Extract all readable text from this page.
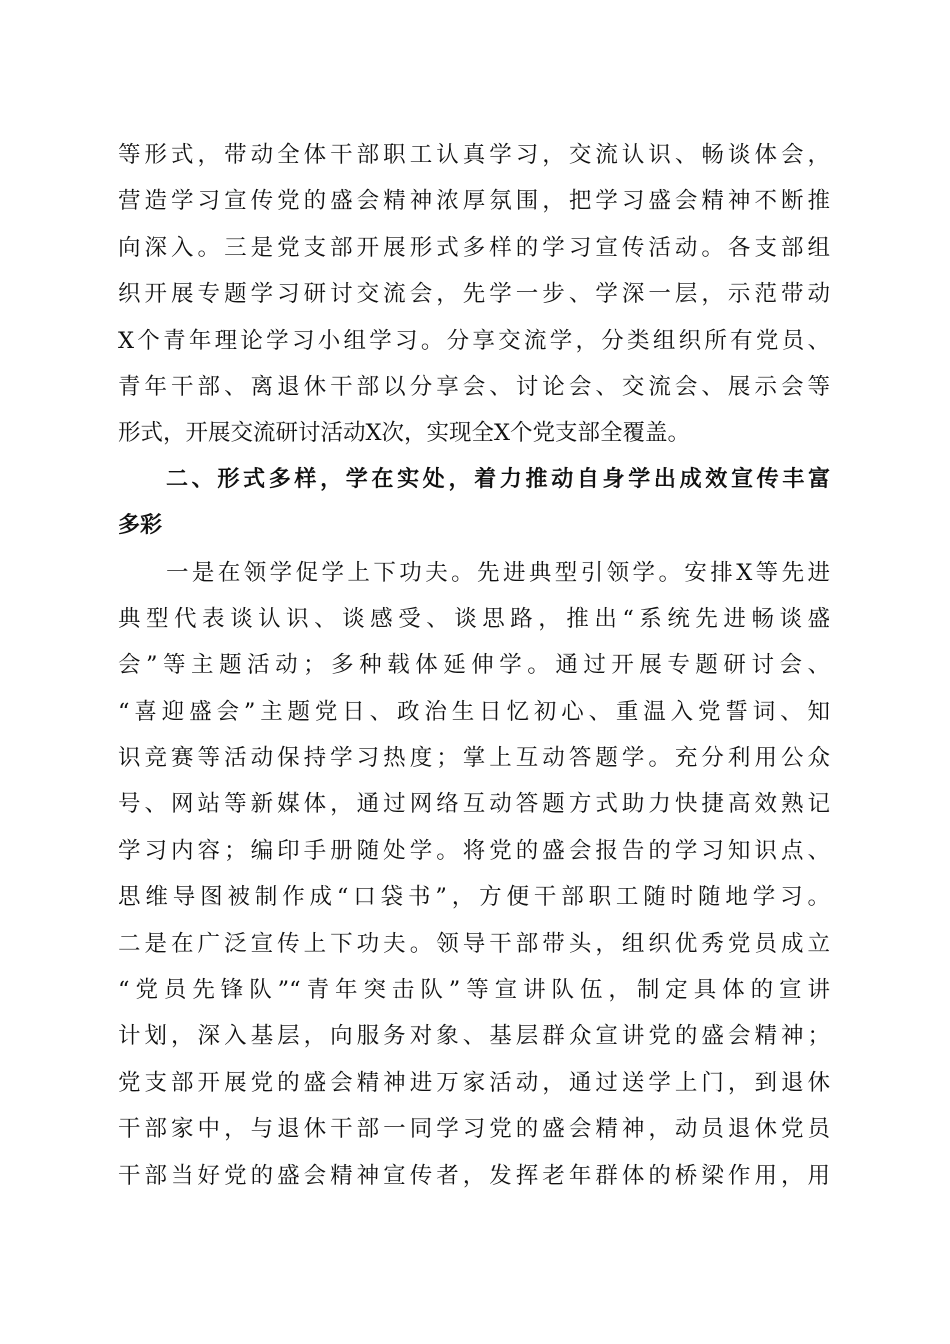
等形式，带动全体干部职工认真学习，交流认识、畅谈体会，
营造学习宣传党的盛会精神浓厚氛围，把学习盛会精神不断推
向深入。三是党支部开展形式多样的学习宣传活动。各支部组
织开展专题学习研讨交流会，先学一步、学深一层，示范带动
X个青年理论学习小组学习。分享交流学，分类组织所有党员、
青年干部、离退休干部以分享会、讨论会、交流会、展示会等
形式，开展交流研讨活动X次，实现全X个党支部全覆盖。
二、形式多样，学在实处，着力推动自身学出成效宣传丰富
多彩
一是在领学促学上下功夫。先进典型引领学。安排X等先进
典型代表谈认识、谈感受、谈思路，推出“系统先进畅谈盛
会”等主题活动；多种载体延伸学。通过开展专题研讨会、
“喜迎盛会”主题党日、政治生日忆初心、重温入党誓词、知
识竞赛等活动保持学习热度；掌上互动答题学。充分利用公众
号、网站等新媒体，通过网络互动答题方式助力快捷高效熟记
学习内容；编印手册随处学。将党的盛会报告的学习知识点、
思维导图被制作成“口袋书”，方便干部职工随时随地学习。
二是在广泛宣传上下功夫。领导干部带头，组织优秀党员成立
“党员先锋队”“青年突击队”等宣讲队伍，制定具体的宣讲
计划，深入基层，向服务对象、基层群众宣讲党的盛会精神；
党支部开展党的盛会精神进万家活动，通过送学上门，到退休
干部家中，与退休干部一同学习党的盛会精神，动员退休党员
干部当好党的盛会精神宣传者，发挥老年群体的桥梁作用，用
